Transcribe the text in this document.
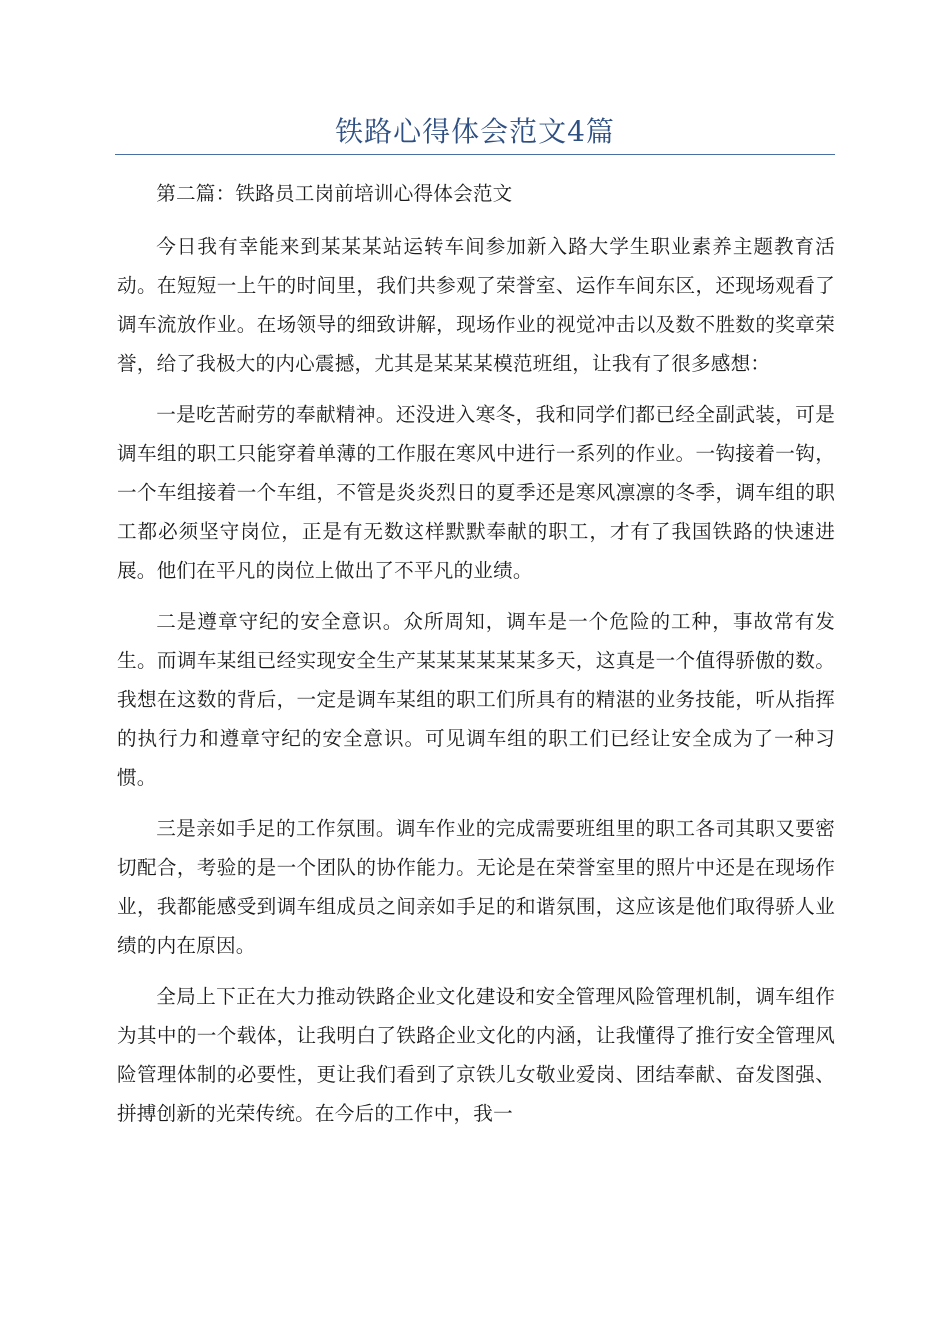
铁路心得体会范文4篇

第二篇：铁路员工岗前培训心得体会范文

今日我有幸能来到某某某站运转车间参加新入路大学生职业素养主题教育活动。在短短一上午的时间里，我们共参观了荣誉室、运作车间东区，还现场观看了调车流放作业。在场领导的细致讲解，现场作业的视觉冲击以及数不胜数的奖章荣誉，给了我极大的内心震撼，尤其是某某某模范班组，让我有了很多感想：

一是吃苦耐劳的奉献精神。还没进入寒冬，我和同学们都已经全副武装，可是调车组的职工只能穿着单薄的工作服在寒风中进行一系列的作业。一钩接着一钩，一个车组接着一个车组，不管是炎炎烈日的夏季还是寒风凛凛的冬季，调车组的职工都必须坚守岗位，正是有无数这样默默奉献的职工，才有了我国铁路的快速进展。他们在平凡的岗位上做出了不平凡的业绩。

二是遵章守纪的安全意识。众所周知，调车是一个危险的工种，事故常有发生。而调车某组已经实现安全生产某某某某某某多天，这真是一个值得骄傲的数。我想在这数的背后，一定是调车某组的职工们所具有的精湛的业务技能，听从指挥的执行力和遵章守纪的安全意识。可见调车组的职工们已经让安全成为了一种习惯。

三是亲如手足的工作氛围。调车作业的完成需要班组里的职工各司其职又要密切配合，考验的是一个团队的协作能力。无论是在荣誉室里的照片中还是在现场作业，我都能感受到调车组成员之间亲如手足的和谐氛围，这应该是他们取得骄人业绩的内在原因。

全局上下正在大力推动铁路企业文化建设和安全管理风险管理机制，调车组作为其中的一个载体，让我明白了铁路企业文化的内涵，让我懂得了推行安全管理风险管理体制的必要性，更让我们看到了京铁儿女敬业爱岗、团结奉献、奋发图强、拼搏创新的光荣传统。在今后的工作中，我一
